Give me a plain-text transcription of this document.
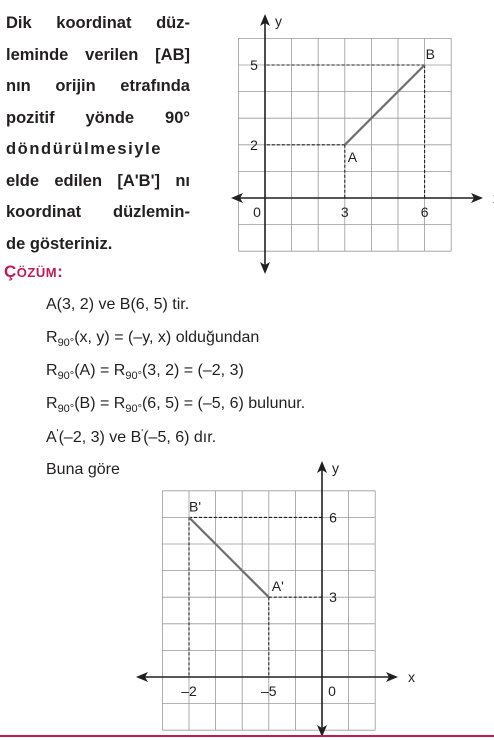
Dik koordinat düz-
leminde verilen [AB]
nın orijin etrafında
pozitif yönde 90°
döndürülmesiyle
elde edilen [A'B'] nı
koordinat düzlemin-
de gösteriniz.
y
0	3
2
6
5
A
B
ÇÖZÜM:
A(3, 2) ve B(6, 5) tir.
$R_{90^\circ}(x$, y) = (–y, x) olduğundan
$R_{90^\circ}(A) = R_{90^\circ}(3$, 2) = (–2, 3)
$R_{90^\circ}(B) = R_{90^\circ}(6$, 5) = (–5, 6) bulunur.
A'(–2, 3) ve B'(–5, 6) dır.
Buna göre
x
y
0
–5
3
–2
6
A'
B'
